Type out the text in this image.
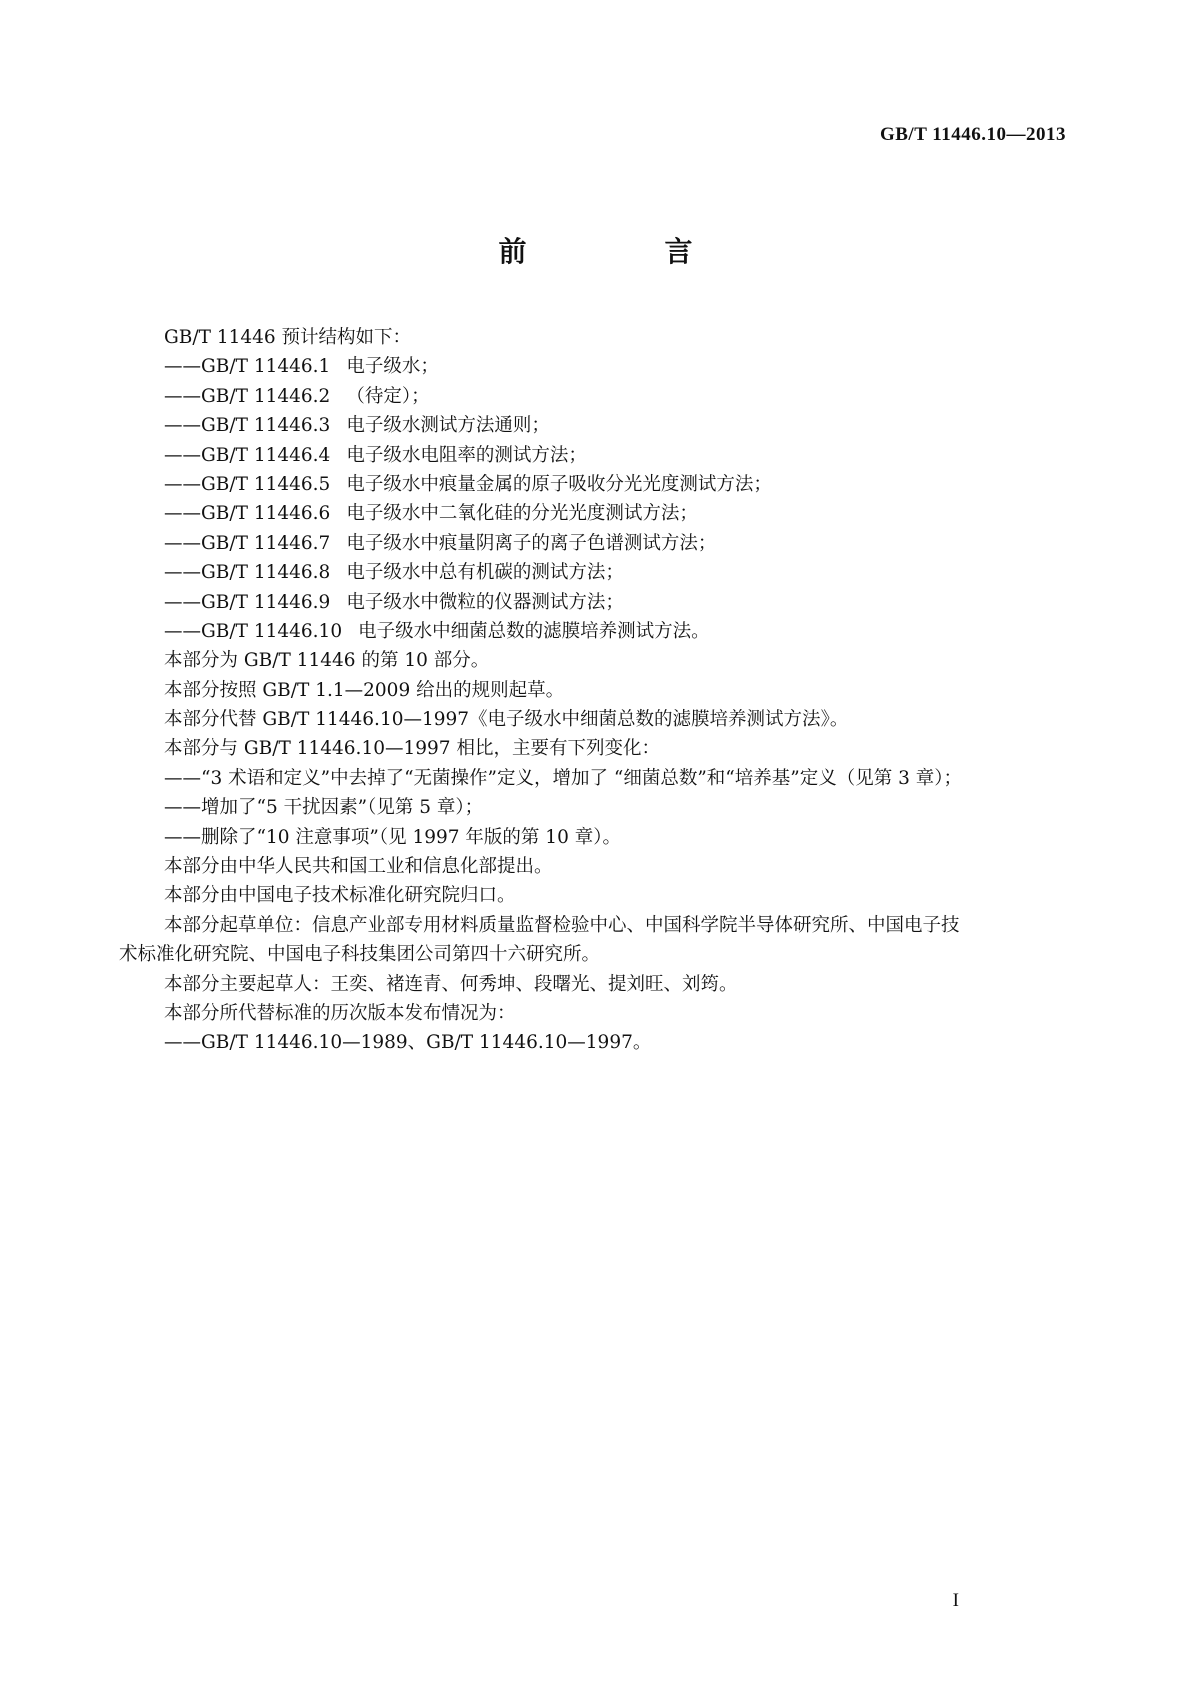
GB/T 11446.10—2013
前　言
GB/T 11446 预计结构如下：
——GB/T 11446.1 电子级水；
——GB/T 11446.2 （待定）；
——GB/T 11446.3 电子级水测试方法通则；
——GB/T 11446.4 电子级水电阻率的测试方法；
——GB/T 11446.5 电子级水中痕量金属的原子吸收分光光度测试方法；
——GB/T 11446.6 电子级水中二氧化硅的分光光度测试方法；
——GB/T 11446.7 电子级水中痕量阴离子的离子色谱测试方法；
——GB/T 11446.8 电子级水中总有机碳的测试方法；
——GB/T 11446.9 电子级水中微粒的仪器测试方法；
——GB/T 11446.10 电子级水中细菌总数的滤膜培养测试方法。
本部分为 GB/T 11446 的第 10 部分。
本部分按照 GB/T 1.1—2009 给出的规则起草。
本部分代替 GB/T 11446.10—1997《电子级水中细菌总数的滤膜培养测试方法》。
本部分与 GB/T 11446.10—1997 相比，主要有下列变化：
——“3 术语和定义”中去掉了“无菌操作”定义，增加了 “细菌总数”和“培养基”定义（见第 3 章）；
——增加了“5 干扰因素”（见第 5 章）；
——删除了“10 注意事项”（见 1997 年版的第 10 章）。
本部分由中华人民共和国工业和信息化部提出。
本部分由中国电子技术标准化研究院归口。
本部分起草单位：信息产业部专用材料质量监督检验中心、中国科学院半导体研究所、中国电子技
术标准化研究院、中国电子科技集团公司第四十六研究所。
本部分主要起草人：王奕、褚连青、何秀坤、段曙光、提刘旺、刘筠。
本部分所代替标准的历次版本发布情况为：
——GB/T 11446.10—1989、GB/T 11446.10—1997。
I
